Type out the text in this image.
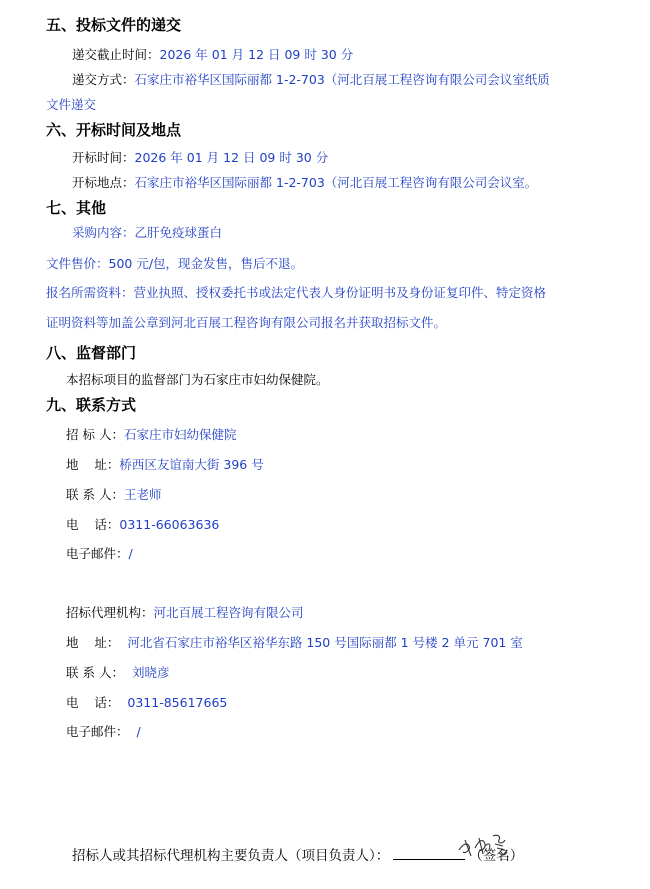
五、投标文件的递交
递交截止时间：2026 年 01 月 12 日 09 时 30 分
递交方式：石家庄市裕华区国际丽都 1-2-703（河北百展工程咨询有限公司会议室纸质
文件递交
六、开标时间及地点
开标时间：2026 年 01 月 12 日 09 时 30 分
开标地点：石家庄市裕华区国际丽都 1-2-703（河北百展工程咨询有限公司会议室。
七、其他
采购内容：乙肝免疫球蛋白
文件售价：500 元/包，现金发售，售后不退。
报名所需资料：营业执照、授权委托书或法定代表人身份证明书及身份证复印件、特定资格
证明资料等加盖公章到河北百展工程咨询有限公司报名并获取招标文件。
八、监督部门
本招标项目的监督部门为石家庄市妇幼保健院。
九、联系方式
招 标 人：石家庄市妇幼保健院
地    址：桥西区友谊南大街 396 号
联 系 人：王老师
电    话：0311-66063636
电子邮件：/
招标代理机构：河北百展工程咨询有限公司
地    址： 河北省石家庄市裕华区裕华东路 150 号国际丽都 1 号楼 2 单元 701 室
联 系 人： 刘晓彦
电    话： 0311-85617665
电子邮件： /
招标人或其招标代理机构主要负责人（项目负责人）：	（签名）
